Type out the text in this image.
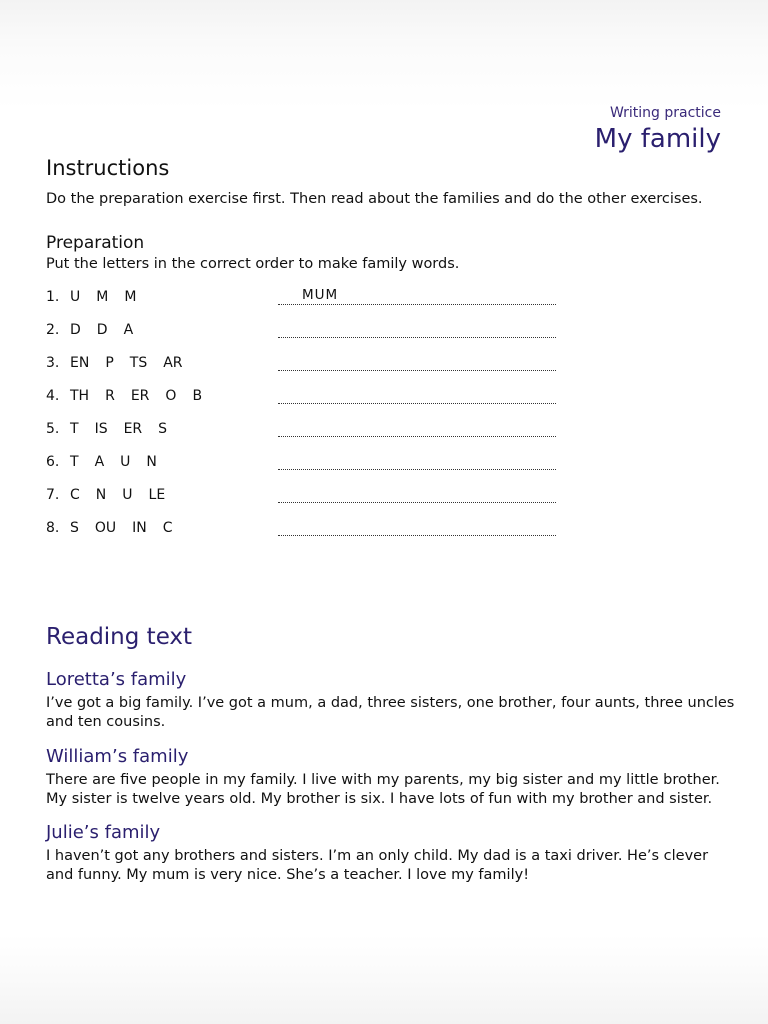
Writing practice
My family
Instructions
Do the preparation exercise first. Then read about the families and do the other exercises.
Preparation
Put the letters in the correct order to make family words.
1. U M M	MUM
2. D D A
3. EN P TS AR
4. TH R ER O B
5. T IS ER S
6. T A U N
7. C N U LE
8. S OU IN C
Reading text
Loretta’s family
I’ve got a big family. I’ve got a mum, a dad, three sisters, one brother, four aunts, three uncles and ten cousins.
William’s family
There are five people in my family. I live with my parents, my big sister and my little brother. My sister is twelve years old. My brother is six. I have lots of fun with my brother and sister.
Julie’s family
I haven’t got any brothers and sisters. I’m an only child. My dad is a taxi driver. He’s clever and funny. My mum is very nice. She’s a teacher. I love my family!
